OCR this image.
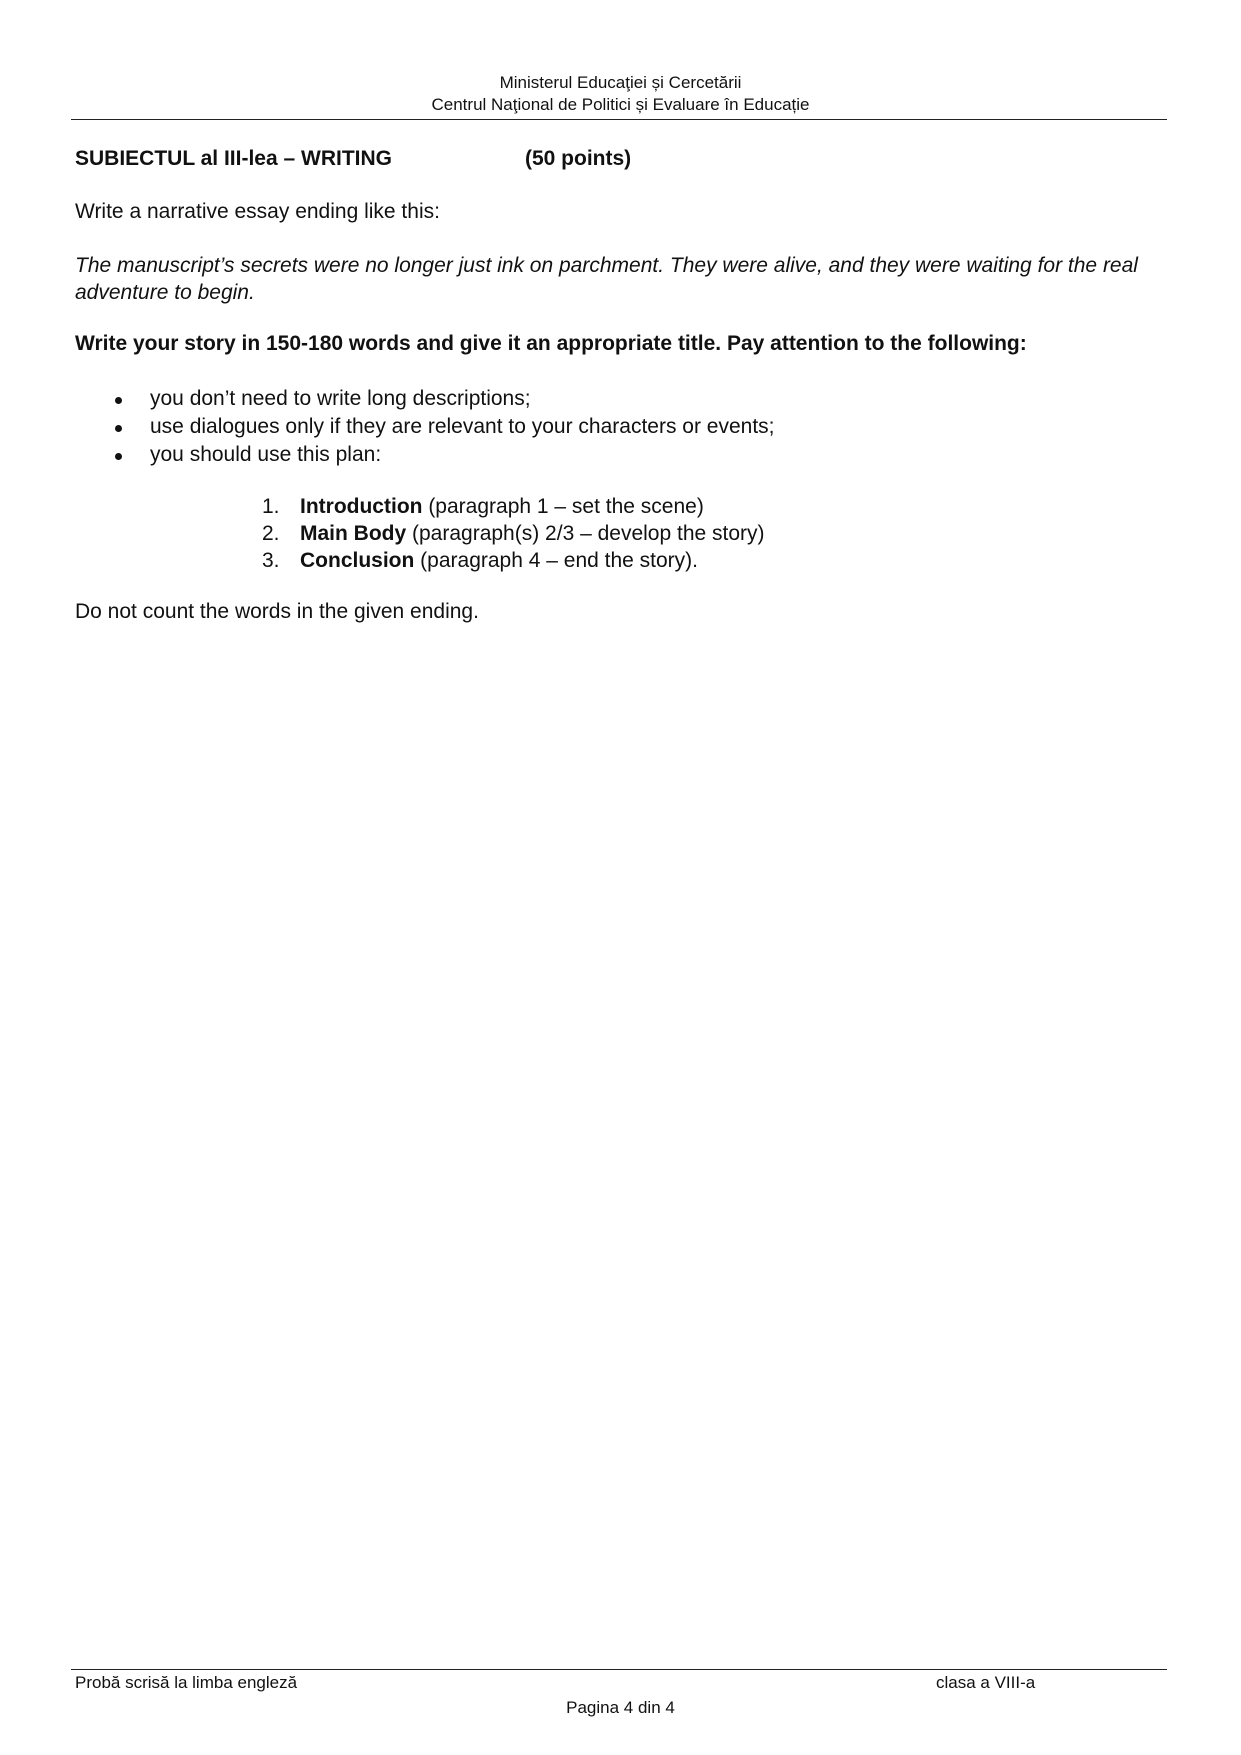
Ministerul Educaţiei și Cercetării
Centrul Naţional de Politici și Evaluare în Educație
SUBIECTUL al III-lea – WRITING	(50 points)
Write a narrative essay ending like this:
The manuscript’s secrets were no longer just ink on parchment. They were alive, and they were waiting for the real adventure to begin.
Write your story in 150-180 words and give it an appropriate title. Pay attention to the following:
you don’t need to write long descriptions;
use dialogues only if they are relevant to your characters or events;
you should use this plan:
1. Introduction (paragraph 1 – set the scene)
2. Main Body (paragraph(s) 2/3 – develop the story)
3. Conclusion (paragraph 4 – end the story).
Do not count the words in the given ending.
Probă scrisă la limba engleză	clasa a VIII-a
Pagina 4 din 4
